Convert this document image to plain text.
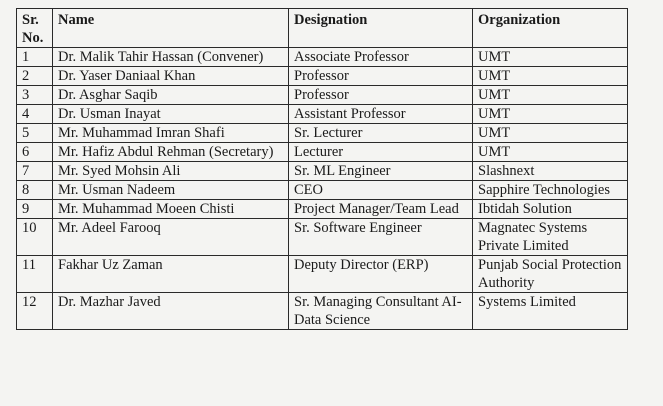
Sr. No.	Name	Designation	Organization
1	Dr. Malik Tahir Hassan (Convener)	Associate Professor	UMT
2	Dr. Yaser Daniaal Khan	Professor	UMT
3	Dr. Asghar Saqib	Professor	UMT
4	Dr. Usman Inayat	Assistant Professor	UMT
5	Mr. Muhammad Imran Shafi	Sr. Lecturer	UMT
6	Mr. Hafiz Abdul Rehman (Secretary)	Lecturer	UMT
7	Mr. Syed Mohsin Ali	Sr. ML Engineer	Slashnext
8	Mr. Usman Nadeem	CEO	Sapphire Technologies
9	Mr. Muhammad Moeen Chisti	Project Manager/Team Lead	Ibtidah Solution
10	Mr. Adeel Farooq	Sr. Software Engineer	Magnatec Systems Private Limited
11	Fakhar Uz Zaman	Deputy Director (ERP)	Punjab Social Protection Authority
12	Dr. Mazhar Javed	Sr. Managing Consultant AI-Data Science	Systems Limited
